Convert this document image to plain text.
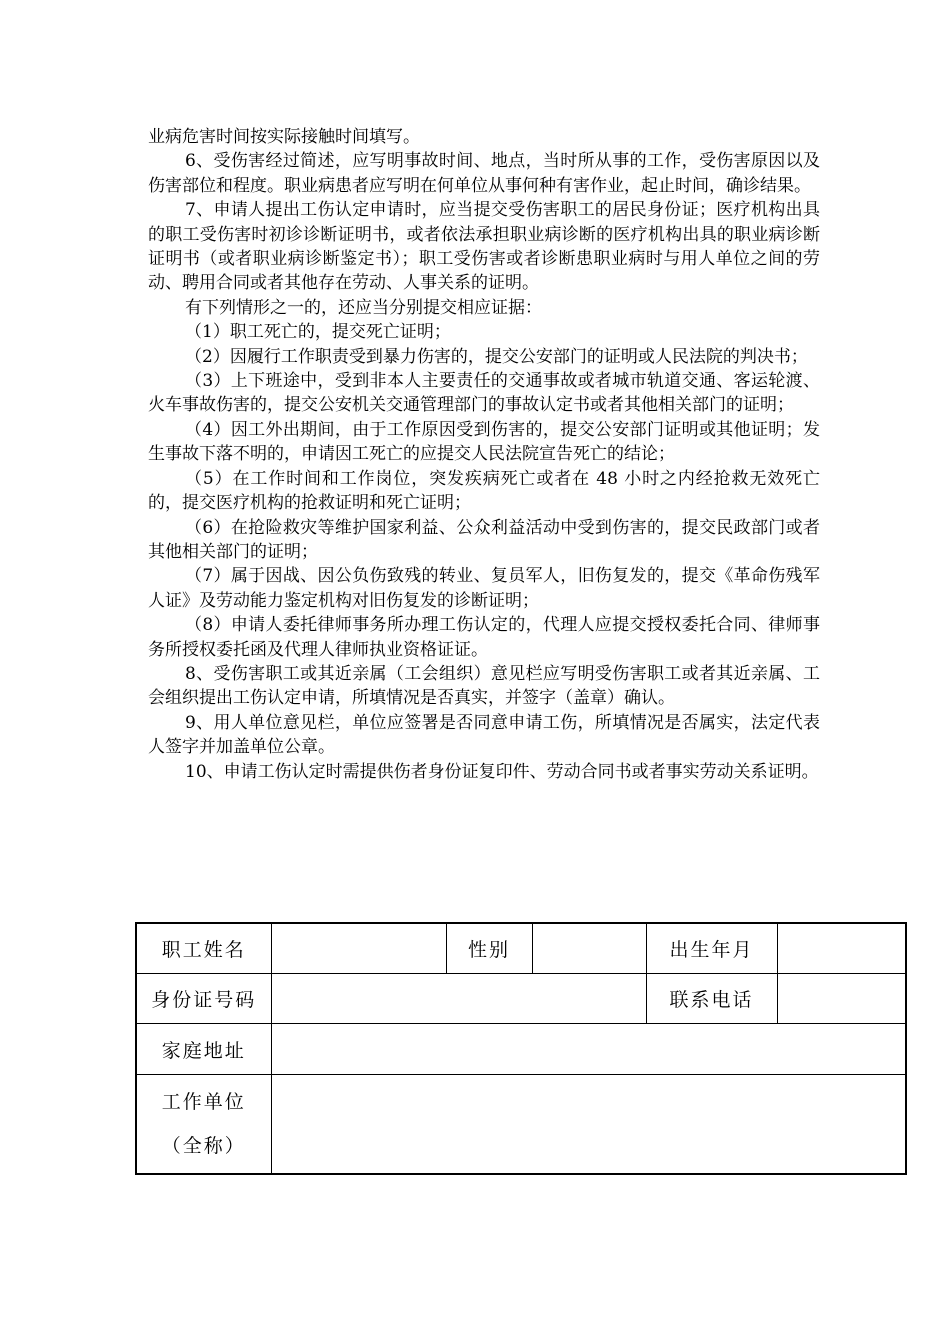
业病危害时间按实际接触时间填写。

6、受伤害经过简述，应写明事故时间、地点，当时所从事的工作，受伤害原因以及伤害部位和程度。职业病患者应写明在何单位从事何种有害作业，起止时间，确诊结果。

7、申请人提出工伤认定申请时，应当提交受伤害职工的居民身份证；医疗机构出具的职工受伤害时初诊诊断证明书，或者依法承担职业病诊断的医疗机构出具的职业病诊断证明书（或者职业病诊断鉴定书）；职工受伤害或者诊断患职业病时与用人单位之间的劳动、聘用合同或者其他存在劳动、人事关系的证明。

有下列情形之一的，还应当分别提交相应证据：

（1）职工死亡的，提交死亡证明；

（2）因履行工作职责受到暴力伤害的，提交公安部门的证明或人民法院的判决书；

（3）上下班途中，受到非本人主要责任的交通事故或者城市轨道交通、客运轮渡、火车事故伤害的，提交公安机关交通管理部门的事故认定书或者其他相关部门的证明；

（4）因工外出期间，由于工作原因受到伤害的，提交公安部门证明或其他证明；发生事故下落不明的，申请因工死亡的应提交人民法院宣告死亡的结论；

（5）在工作时间和工作岗位，突发疾病死亡或者在 48 小时之内经抢救无效死亡的，提交医疗机构的抢救证明和死亡证明；

（6）在抢险救灾等维护国家利益、公众利益活动中受到伤害的，提交民政部门或者其他相关部门的证明；

（7）属于因战、因公负伤致残的转业、复员军人，旧伤复发的，提交《革命伤残军人证》及劳动能力鉴定机构对旧伤复发的诊断证明；

（8）申请人委托律师事务所办理工伤认定的，代理人应提交授权委托合同、律师事务所授权委托函及代理人律师执业资格证证。

8、受伤害职工或其近亲属（工会组织）意见栏应写明受伤害职工或者其近亲属、工会组织提出工伤认定申请，所填情况是否真实，并签字（盖章）确认。

9、用人单位意见栏，单位应签署是否同意申请工伤，所填情况是否属实，法定代表人签字并加盖单位公章。

10、申请工伤认定时需提供伤者身份证复印件、劳动合同书或者事实劳动关系证明。

职工姓名		性别		出生年月	
身份证号码				联系电话	
家庭地址					

工作单位
（全称）					
